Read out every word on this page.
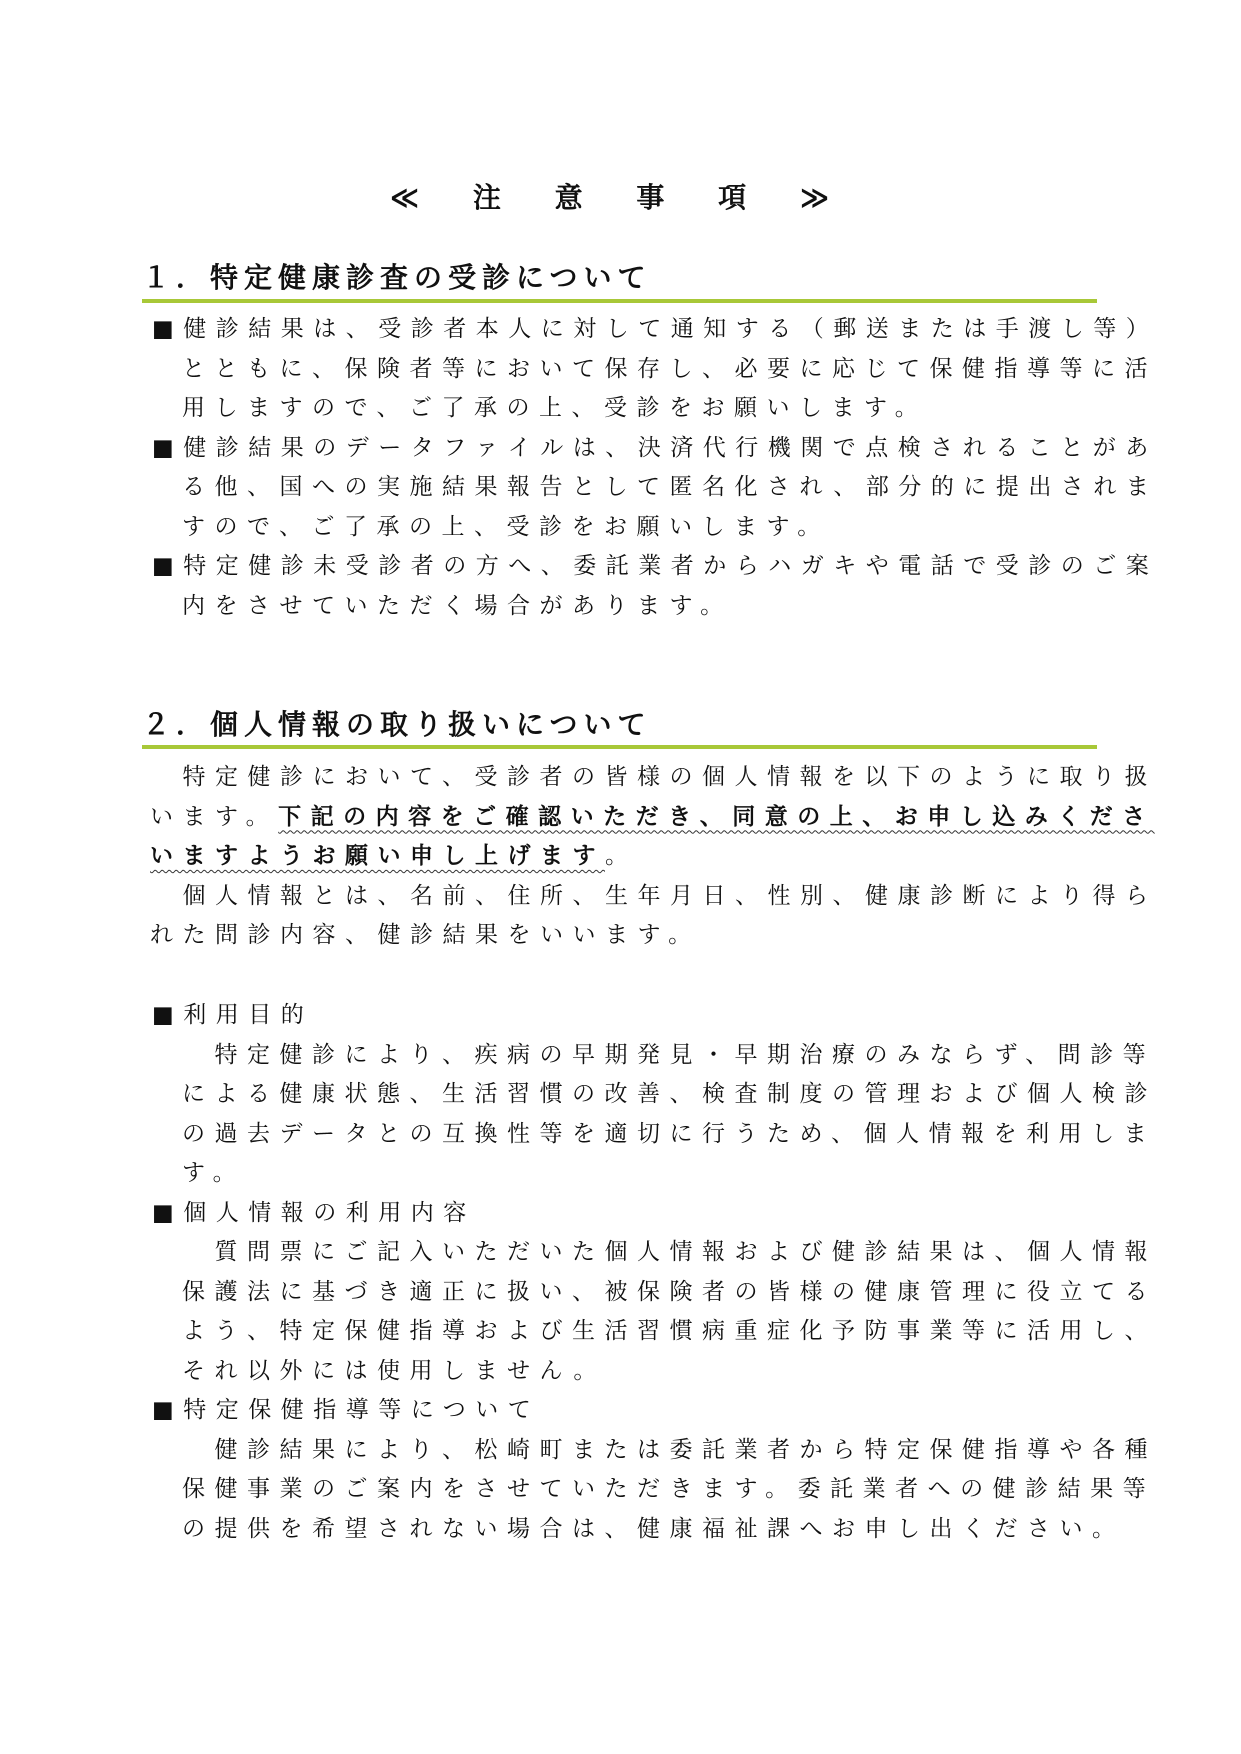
≪ 注 意 事 項 ≫
１．特定健康診査の受診について
■健診結果は、受診者本人に対して通知する（郵送または手渡し等）
とともに、保険者等において保存し、必要に応じて保健指導等に活
用しますので、ご了承の上、受診をお願いします。
■健診結果のデータファイルは、決済代行機関で点検されることがあ
る他、国への実施結果報告として匿名化され、部分的に提出されま
すので、ご了承の上、受診をお願いします。
■特定健診未受診者の方へ、委託業者からハガキや電話で受診のご案
内をさせていただく場合があります。
２．個人情報の取り扱いについて
　特定健診において、受診者の皆様の個人情報を以下のように取り扱
います。下記の内容をご確認いただき、同意の上、お申し込みくださ
いますようお願い申し上げます。
　個人情報とは、名前、住所、生年月日、性別、健康診断により得ら
れた問診内容、健診結果をいいます。
■利用目的
　特定健診により、疾病の早期発見・早期治療のみならず、問診等
による健康状態、生活習慣の改善、検査制度の管理および個人検診
の過去データとの互換性等を適切に行うため、個人情報を利用しま
す。
■個人情報の利用内容
　質問票にご記入いただいた個人情報および健診結果は、個人情報
保護法に基づき適正に扱い、被保険者の皆様の健康管理に役立てる
よう、特定保健指導および生活習慣病重症化予防事業等に活用し、
それ以外には使用しません。
■特定保健指導等について
　健診結果により、松崎町または委託業者から特定保健指導や各種
保健事業のご案内をさせていただきます。委託業者への健診結果等
の提供を希望されない場合は、健康福祉課へお申し出ください。
